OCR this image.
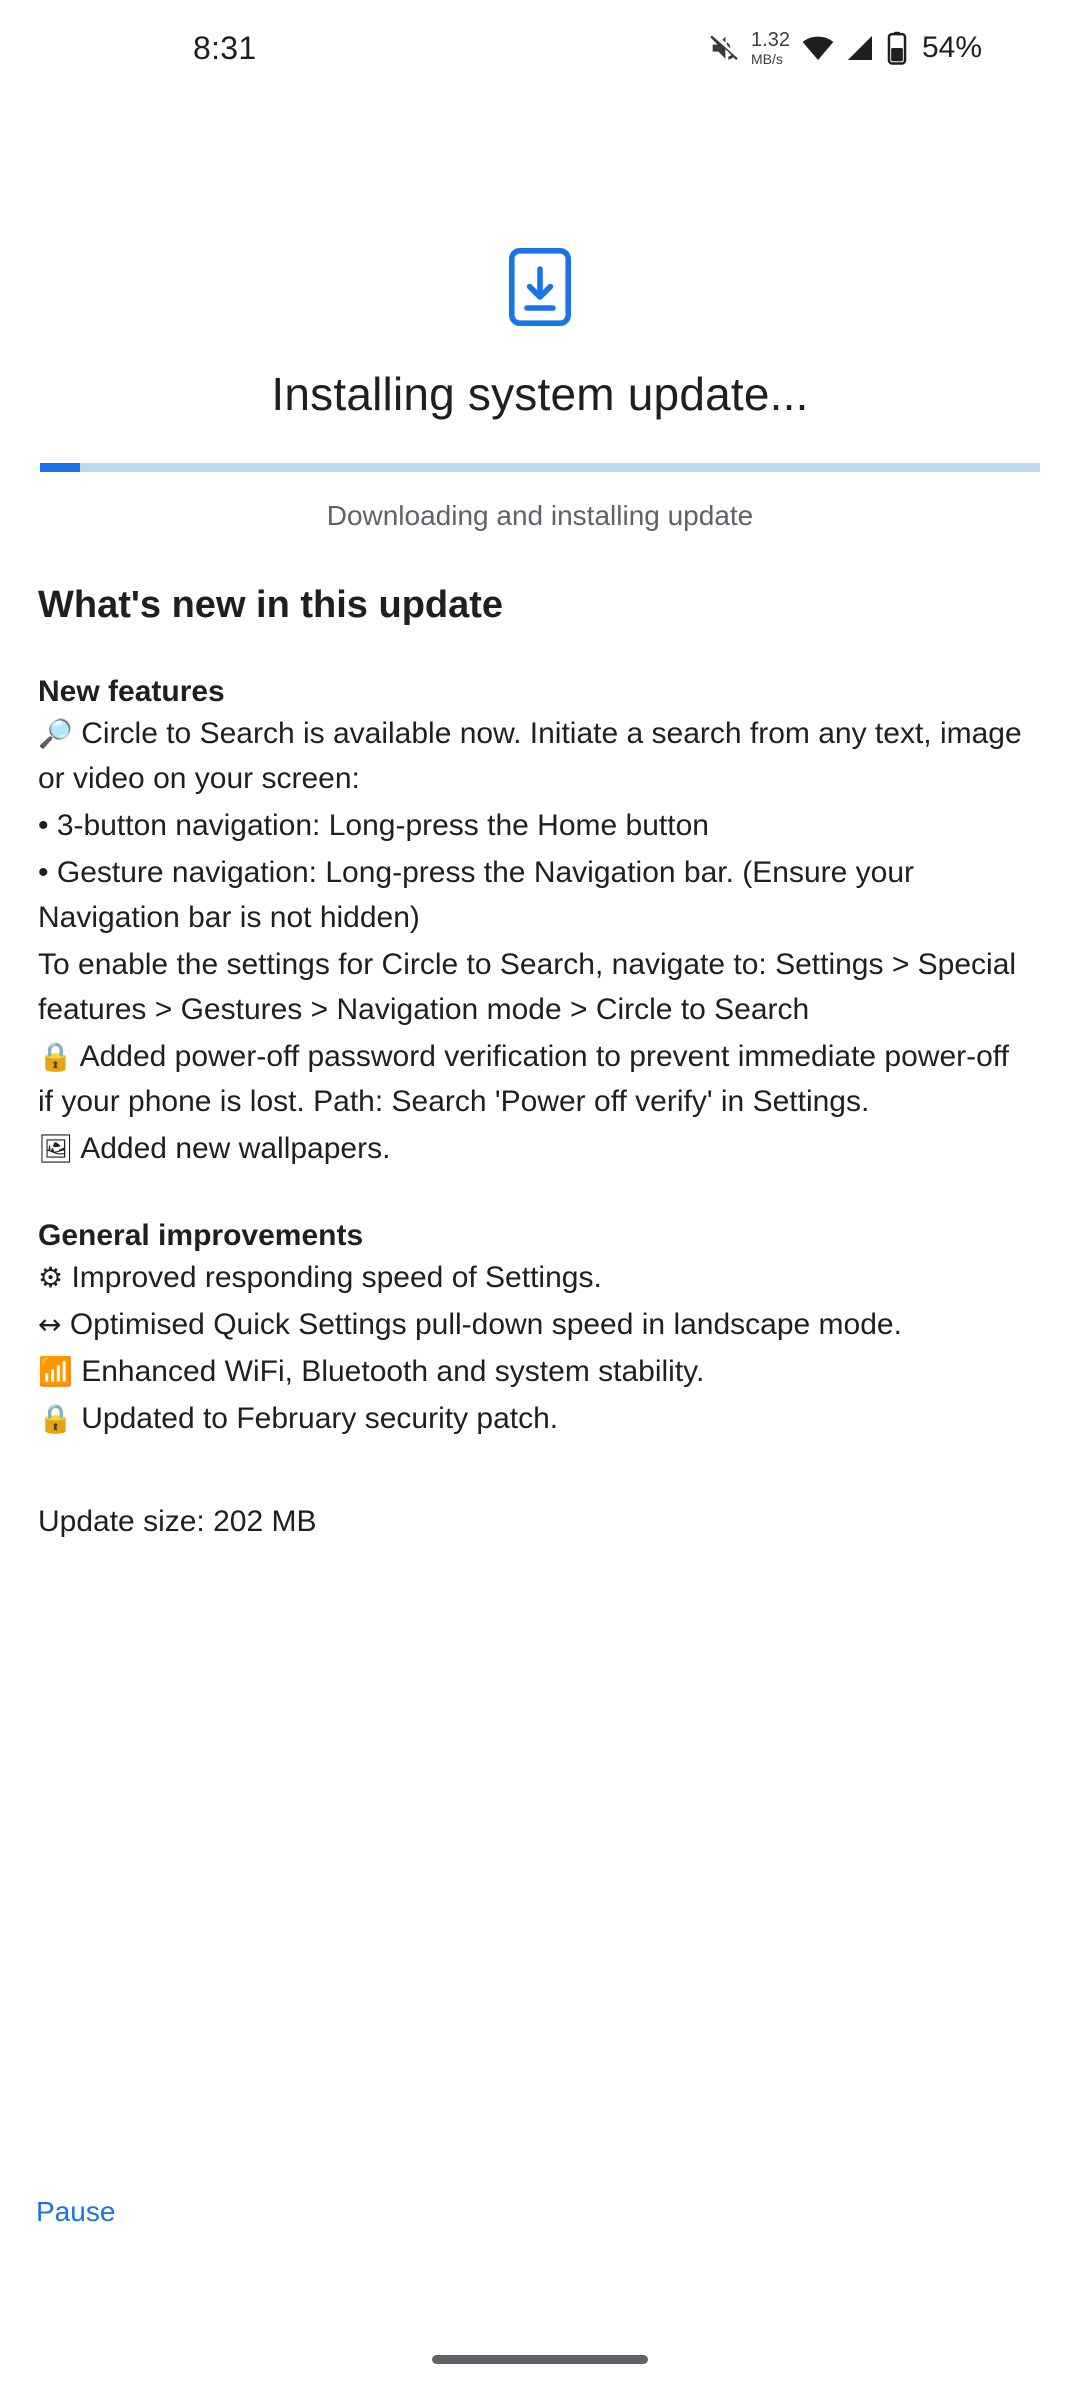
8:31	1.32
MB/s	54%
Installing system update...
Downloading and installing update
What's new in this update
New features
🔎 Circle to Search is available now. Initiate a search from any text, image or video on your screen:
• 3-button navigation: Long-press the Home button
• Gesture navigation: Long-press the Navigation bar. (Ensure your Navigation bar is not hidden)
To enable the settings for Circle to Search, navigate to: Settings > Special features > Gestures > Navigation mode > Circle to Search
🔒 Added power-off password verification to prevent immediate power-off if your phone is lost. Path: Search 'Power off verify' in Settings.
🖼 Added new wallpapers.
General improvements
⚙ Improved responding speed of Settings.
↔ Optimised Quick Settings pull-down speed in landscape mode.
📶 Enhanced WiFi, Bluetooth and system stability.
🔒 Updated to February security patch.
Update size: 202 MB
Pause
